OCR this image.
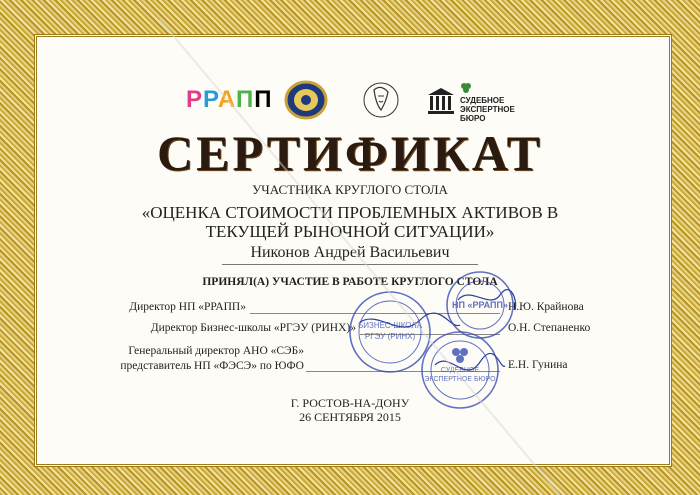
РРАПП	СУДЕБНОЕ
ЭКСПЕРТНОЕ БЮРО
СЕРТИФИКАТ
УЧАСТНИКА КРУГЛОГО СТОЛА
«ОЦЕНКА СТОИМОСТИ ПРОБЛЕМНЫХ АКТИВОВ В
ТЕКУЩЕЙ РЫНОЧНОЙ СИТУАЦИИ»
Никонов Андрей Васильевич
ПРИНЯЛ(А) УЧАСТИЕ В РАБОТЕ КРУГЛОГО СТОЛА
Директор НП «РРАПП»	Н.Ю. Крайнова
Директор Бизнес-школы «РГЭУ (РИНХ)»	О.Н. Степаненко
Генеральный директор АНО «СЭБ»
представитель НП «ФЭСЭ» по ЮФО	Е.Н. Гунина
БИЗНЕС-ШКОЛА
РГЭУ (РИНХ)
НП «РРАПП»
СУДЕБНОЕ
ЭКСПЕРТНОЕ БЮРО
Г. РОСТОВ-НА-ДОНУ
26 СЕНТЯБРЯ 2015
